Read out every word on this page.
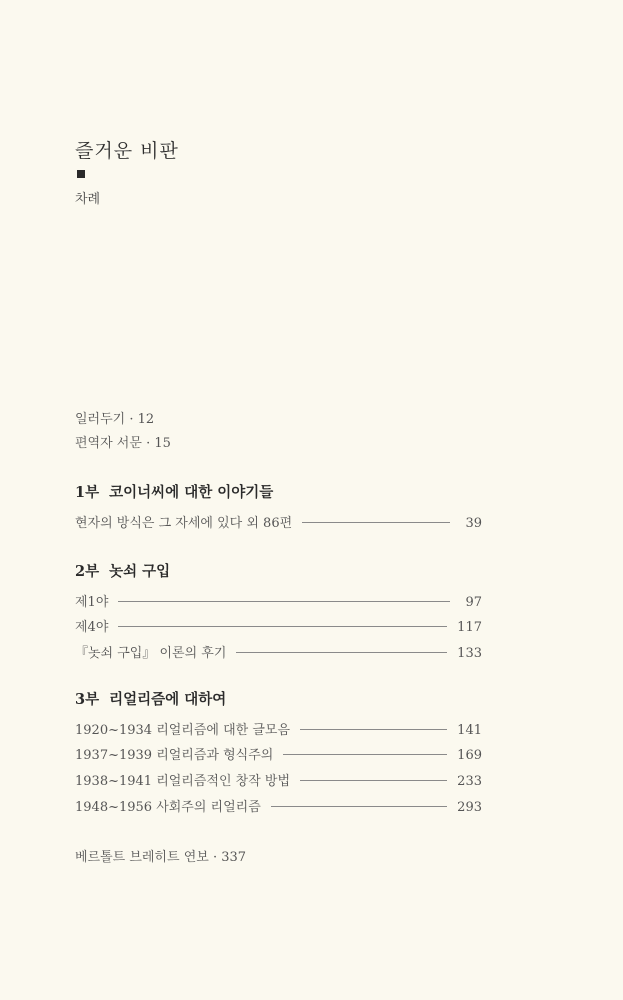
즐거운 비판
차례
일러두기 · 12
편역자 서문 · 15
1부 코이너씨에 대한 이야기들
현자의 방식은 그 자세에 있다 외 86편	39
2부 놋쇠 구입
제1야	97
제4야	117
『놋쇠 구입』 이론의 후기	133
3부 리얼리즘에 대하여
1920~1934 리얼리즘에 대한 글모음	141
1937~1939 리얼리즘과 형식주의	169
1938~1941 리얼리즘적인 창작 방법	233
1948~1956 사회주의 리얼리즘	293
베르톨트 브레히트 연보 · 337
